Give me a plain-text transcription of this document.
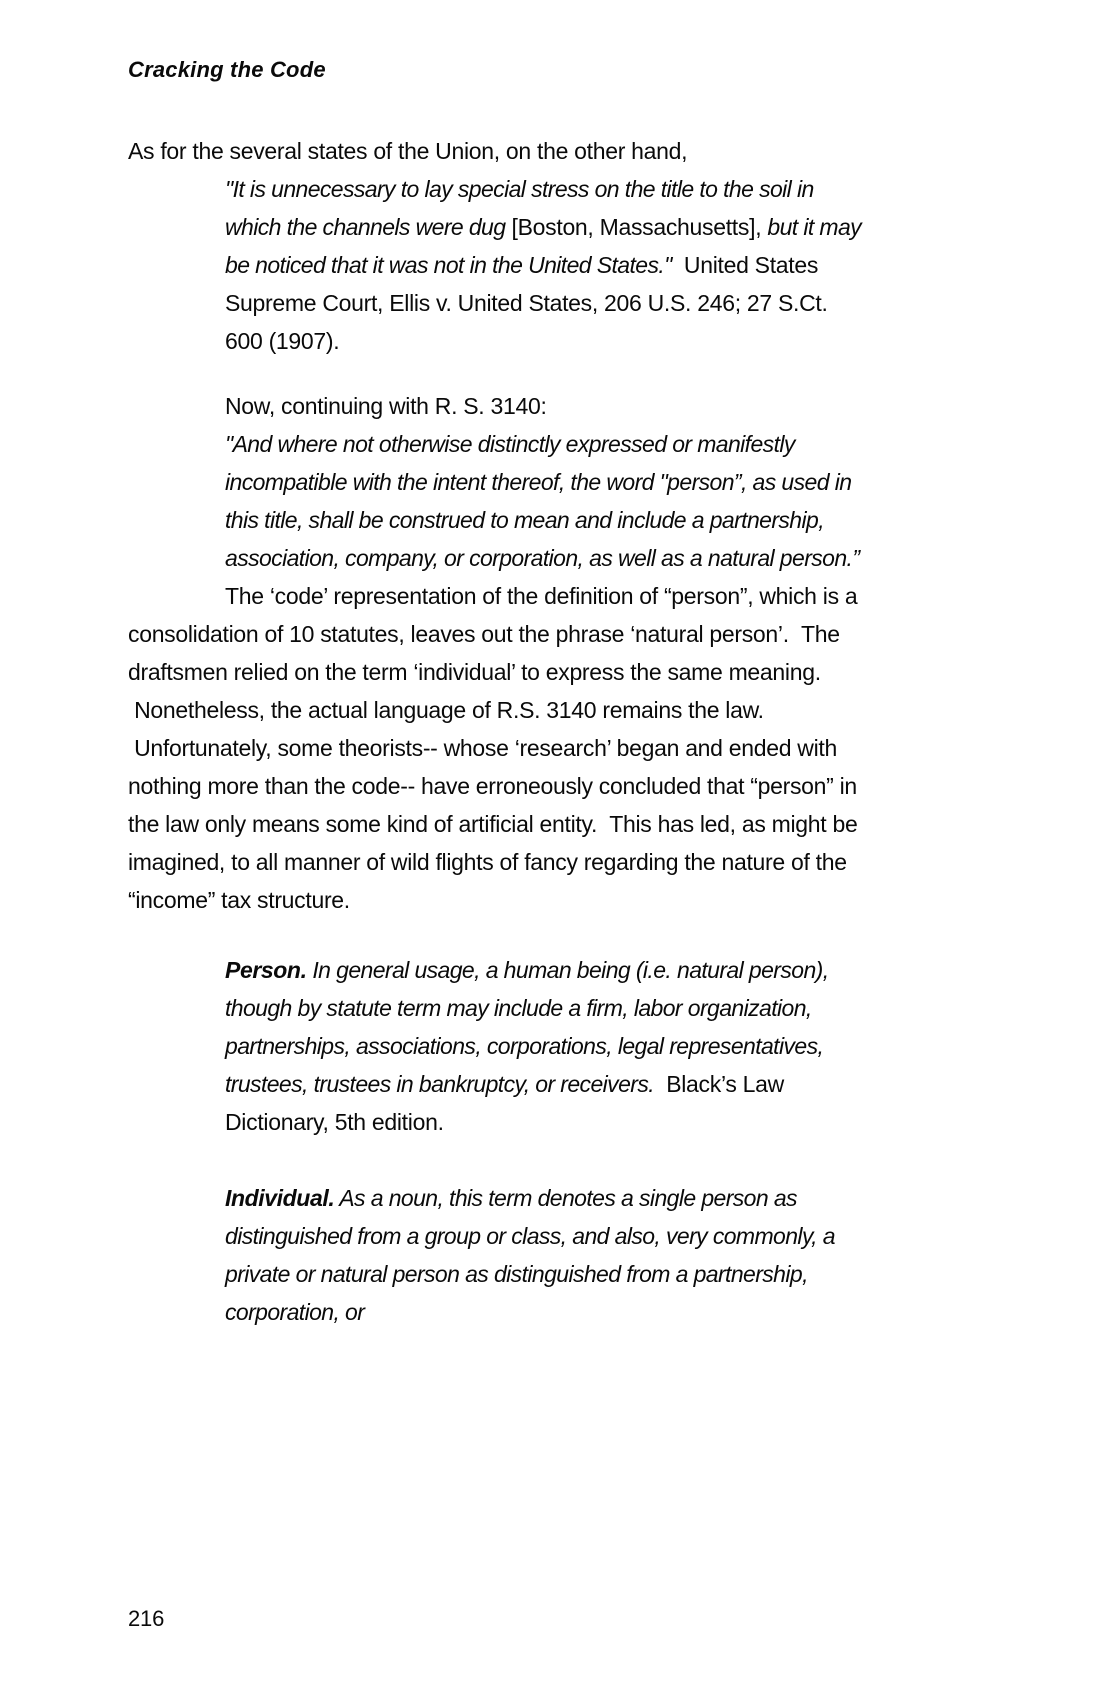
Cracking the Code

As for the several states of the Union, on the other hand,

"It is unnecessary to lay special stress on the title to the soil in which the channels were dug [Boston, Massachusetts], but it may be noticed that it was not in the United States."  United States Supreme Court, Ellis v. United States, 206 U.S. 246; 27 S.Ct. 600 (1907).
Now, continuing with R. S. 3140:
"And where not otherwise distinctly expressed or manifestly incompatible with the intent thereof, the word "person”, as used in this title, shall be construed to mean and include a partnership, association, company, or corporation, as well as a natural person.”

The ‘code’ representation of the definition of “person”, which is a consolidation of 10 statutes, leaves out the phrase ‘natural person’.  The draftsmen relied on the term ‘individual’ to express the same meaning.  Nonetheless, the actual language of R.S. 3140 remains the law.  Unfortunately, some theorists-- whose ‘research’ began and ended with nothing more than the code-- have erroneously concluded that “person” in the law only means some kind of artificial entity.  This has led, as might be imagined, to all manner of wild flights of fancy regarding the nature of the “income” tax structure.

Person. In general usage, a human being (i.e. natural person), though by statute term may include a firm, labor organization, partnerships, associations, corporations, legal representatives, trustees, trustees in bankruptcy, or receivers.  Black’s Law Dictionary, 5th edition.
Individual. As a noun, this term denotes a single person as distinguished from a group or class, and also, very commonly, a private or natural person as distinguished from a partnership, corporation, or
216
